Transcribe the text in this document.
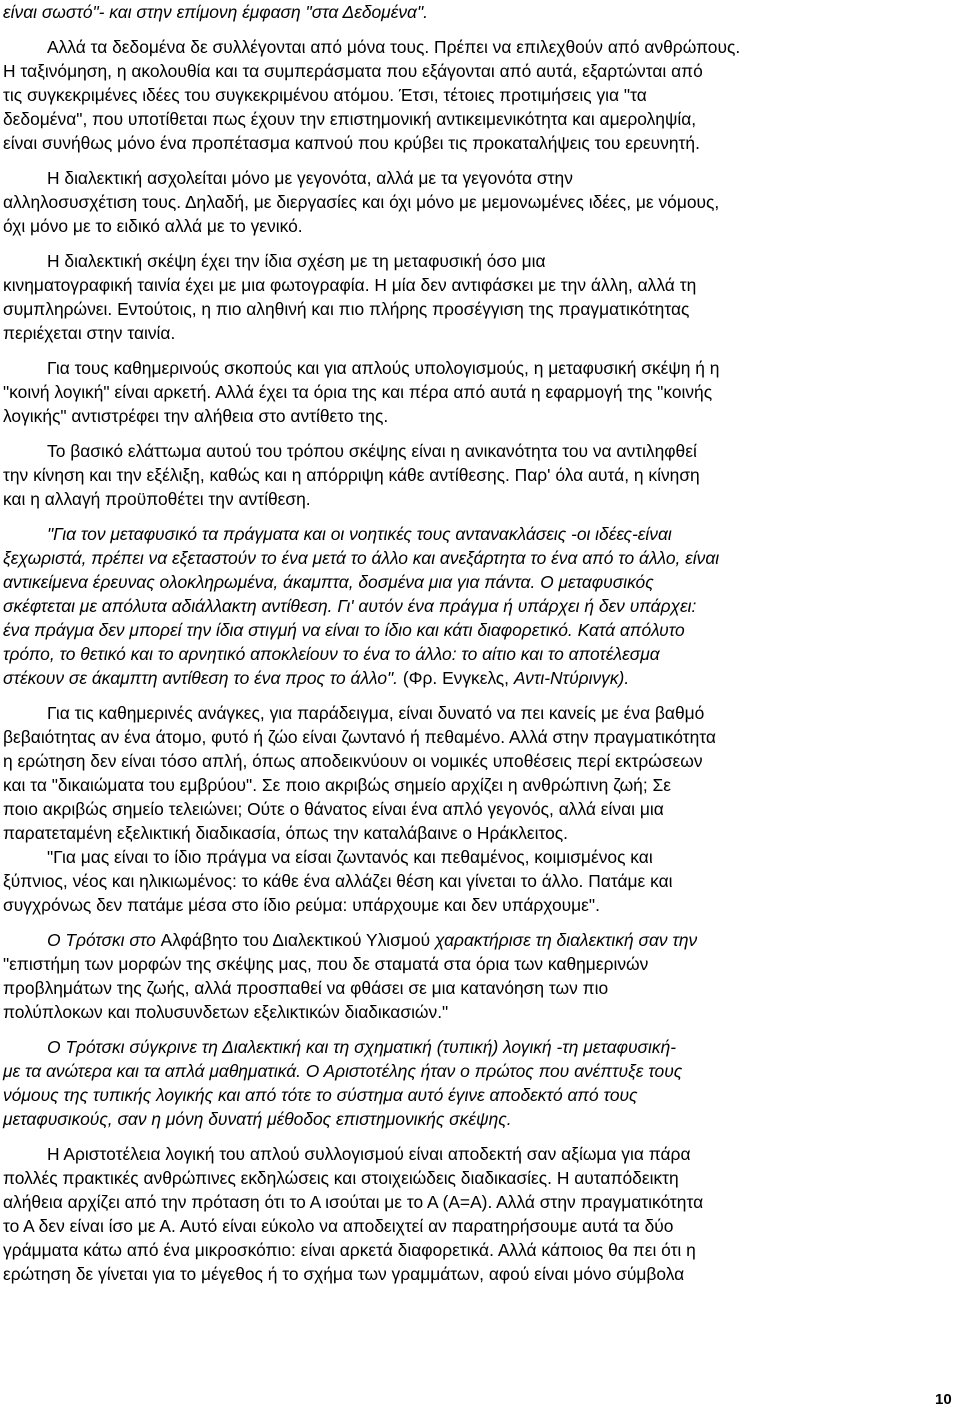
είναι σωστό"- και στην επίμονη έμφαση "στα Δεδομένα".
Αλλά τα δεδομένα δε συλλέγονται από μόνα τους. Πρέπει να επιλεχθούν από ανθρώπους.
Η ταξινόμηση, η ακολουθία και τα συμπεράσματα που εξάγονται από αυτά, εξαρτώνται από
τις συγκεκριμένες ιδέες του συγκεκριμένου ατόμου. Έτσι, τέτοιες προτιμήσεις για "τα
δεδομένα", που υποτίθεται πως έχουν την επιστημονική αντικειμενικότητα και αμεροληψία,
είναι συνήθως μόνο ένα προπέτασμα καπνού που κρύβει τις προκαταλήψεις του ερευνητή.
Η διαλεκτική ασχολείται μόνο με γεγονότα, αλλά με τα γεγονότα στην
αλληλοσυσχέτιση τους. Δηλαδή, με διεργασίες και όχι μόνο με μεμονωμένες ιδέες, με νόμους,
όχι μόνο με το ειδικό αλλά με το γενικό.
Η διαλεκτική σκέψη έχει την ίδια σχέση με τη μεταφυσική όσο μια
κινηματογραφική ταινία έχει με μια φωτογραφία. Η μία δεν αντιφάσκει με την άλλη, αλλά τη
συμπληρώνει. Εντούτοις, η πιο αληθινή και πιο πλήρης προσέγγιση της πραγματικότητας
περιέχεται στην ταινία.
Για τους καθημερινούς σκοπούς και για απλούς υπολογισμούς, η μεταφυσική σκέψη ή η
"κοινή λογική" είναι αρκετή. Αλλά έχει τα όρια της και πέρα από αυτά η εφαρμογή της "κοινής
λογικής" αντιστρέφει την αλήθεια στο αντίθετο της.
Το βασικό ελάττωμα αυτού του τρόπου σκέψης είναι η ανικανότητα του να αντιληφθεί
την κίνηση και την εξέλιξη, καθώς και η απόρριψη κάθε αντίθεσης. Παρ' όλα αυτά, η κίνηση
και η αλλαγή προϋποθέτει την αντίθεση.
"Για τον μεταφυσικό τα πράγματα και οι νοητικές τους αντανακλάσεις -οι ιδέες-είναι
ξεχωριστά, πρέπει να εξεταστούν το ένα μετά το άλλο και ανεξάρτητα το ένα από το άλλο, είναι
αντικείμενα έρευνας ολοκληρωμένα, άκαμπτα, δοσμένα μια για πάντα. Ο μεταφυσικός
σκέφτεται με απόλυτα αδιάλλακτη αντίθεση. Γι' αυτόν ένα πράγμα ή υπάρχει ή δεν υπάρχει:
ένα πράγμα δεν μπορεί την ίδια στιγμή να είναι το ίδιο και κάτι διαφορετικό. Κατά απόλυτο
τρόπο, το θετικό και το αρνητικό αποκλείουν το ένα το άλλο: το αίτιο και το αποτέλεσμα
στέκουν σε άκαμπτη αντίθεση το ένα προς το άλλο". (Φρ. Ενγκελς, Αντι-Ντύρινγκ).
Για τις καθημερινές ανάγκες, για παράδειγμα, είναι δυνατό να πει κανείς με ένα βαθμό
βεβαιότητας αν ένα άτομο, φυτό ή ζώο είναι ζωντανό ή πεθαμένο. Αλλά στην πραγματικότητα
η ερώτηση δεν είναι τόσο απλή, όπως αποδεικνύουν οι νομικές υποθέσεις περί εκτρώσεων
και τα "δικαιώματα του εμβρύου". Σε ποιο ακριβώς σημείο αρχίζει η ανθρώπινη ζωή; Σε
ποιο ακριβώς σημείο τελειώνει; Ούτε ο θάνατος είναι ένα απλό γεγονός, αλλά είναι μια
παρατεταμένη εξελικτική διαδικασία, όπως την καταλάβαινε ο Ηράκλειτος.
"Για μας είναι το ίδιο πράγμα να είσαι ζωντανός και πεθαμένος, κοιμισμένος και
ξύπνιος, νέος και ηλικιωμένος: το κάθε ένα αλλάζει θέση και γίνεται το άλλο. Πατάμε και
συγχρόνως δεν πατάμε μέσα στο ίδιο ρεύμα: υπάρχουμε και δεν υπάρχουμε".
Ο Τρότσκι στο Αλφάβητο του Διαλεκτικού Υλισμού χαρακτήρισε τη διαλεκτική σαν την
"επιστήμη των μορφών της σκέψης μας, που δε σταματά στα όρια των καθημερινών
προβλημάτων της ζωής, αλλά προσπαθεί να φθάσει σε μια κατανόηση των πιο
πολύπλοκων και πολυσυνδετων εξελικτικών διαδικασιών."
Ο Τρότσκι σύγκρινε τη Διαλεκτική και τη σχηματική (τυπική) λογική -τη μεταφυσική-
με τα ανώτερα και τα απλά μαθηματικά. Ο Αριστοτέλης ήταν ο πρώτος που ανέπτυξε τους
νόμους της τυπικής λογικής και από τότε το σύστημα αυτό έγινε αποδεκτό από τους
μεταφυσικούς, σαν η μόνη δυνατή μέθοδος επιστημονικής σκέψης.
Η Αριστοτέλεια λογική του απλού συλλογισμού είναι αποδεκτή σαν αξίωμα για πάρα
πολλές πρακτικές ανθρώπινες εκδηλώσεις και στοιχειώδεις διαδικασίες. Η αυταπόδεικτη
αλήθεια αρχίζει από την πρόταση ότι το Α ισούται με το Α (Α=Α). Αλλά στην πραγματικότητα
το Α δεν είναι ίσο με Α. Αυτό είναι εύκολο να αποδειχτεί αν παρατηρήσουμε αυτά τα δύο
γράμματα κάτω από ένα μικροσκόπιο: είναι αρκετά διαφορετικά. Αλλά κάποιος θα πει ότι η
ερώτηση δε γίνεται για το μέγεθος ή το σχήμα των γραμμάτων, αφού είναι μόνο σύμβολα
10
